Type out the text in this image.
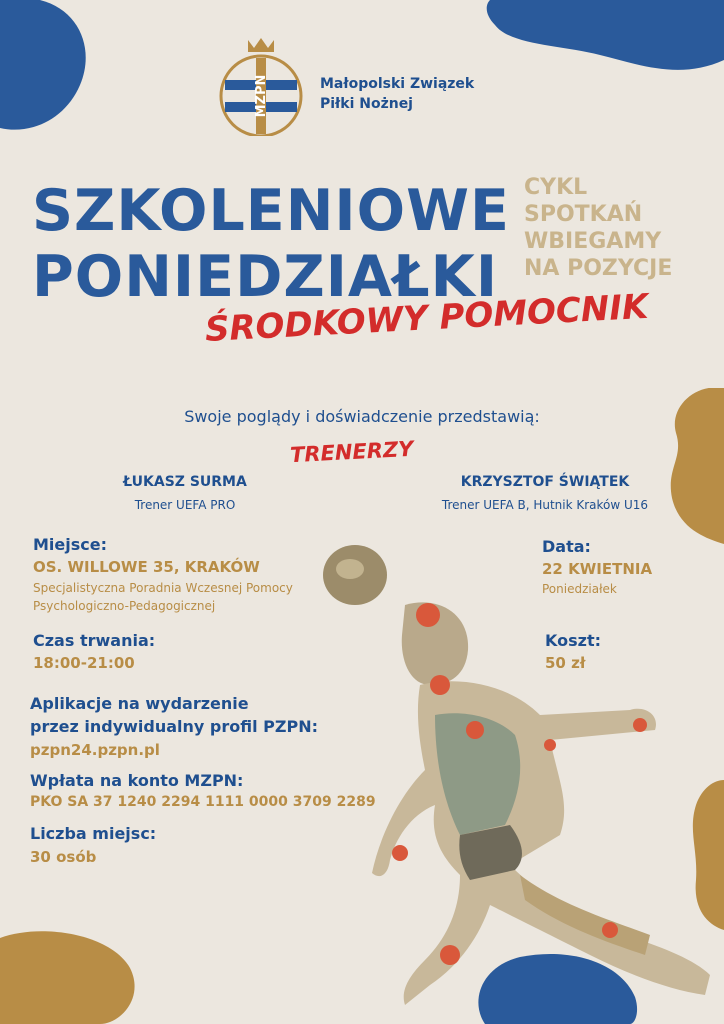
MZPN	Małopolski Związek
Piłki Nożnej
SZKOLENIOWE
PONIEDZIAŁKI
CYKL
SPOTKAŃ
WBIEGAMY
NA POZYCJE
ŚRODKOWY POMOCNIK
Swoje poglądy i doświadczenie przedstawią:
TRENERZY
ŁUKASZ SURMA
Trener UEFA PRO
KRZYSZTOF ŚWIĄTEK
Trener UEFA B, Hutnik Kraków U16
Miejsce:
OS. WILLOWE 35, KRAKÓW
Specjalistyczna Poradnia Wczesnej Pomocy
Psychologiczno-Pedagogicznej
Data:
22 KWIETNIA
Poniedziałek
Czas trwania:
18:00-21:00
Koszt:
50 zł
Aplikacje na wydarzenie
przez indywidualny profil PZPN:
pzpn24.pzpn.pl
Wpłata na konto MZPN:
PKO SA 37 1240 2294 1111 0000 3709 2289
Liczba miejsc:
30 osób
